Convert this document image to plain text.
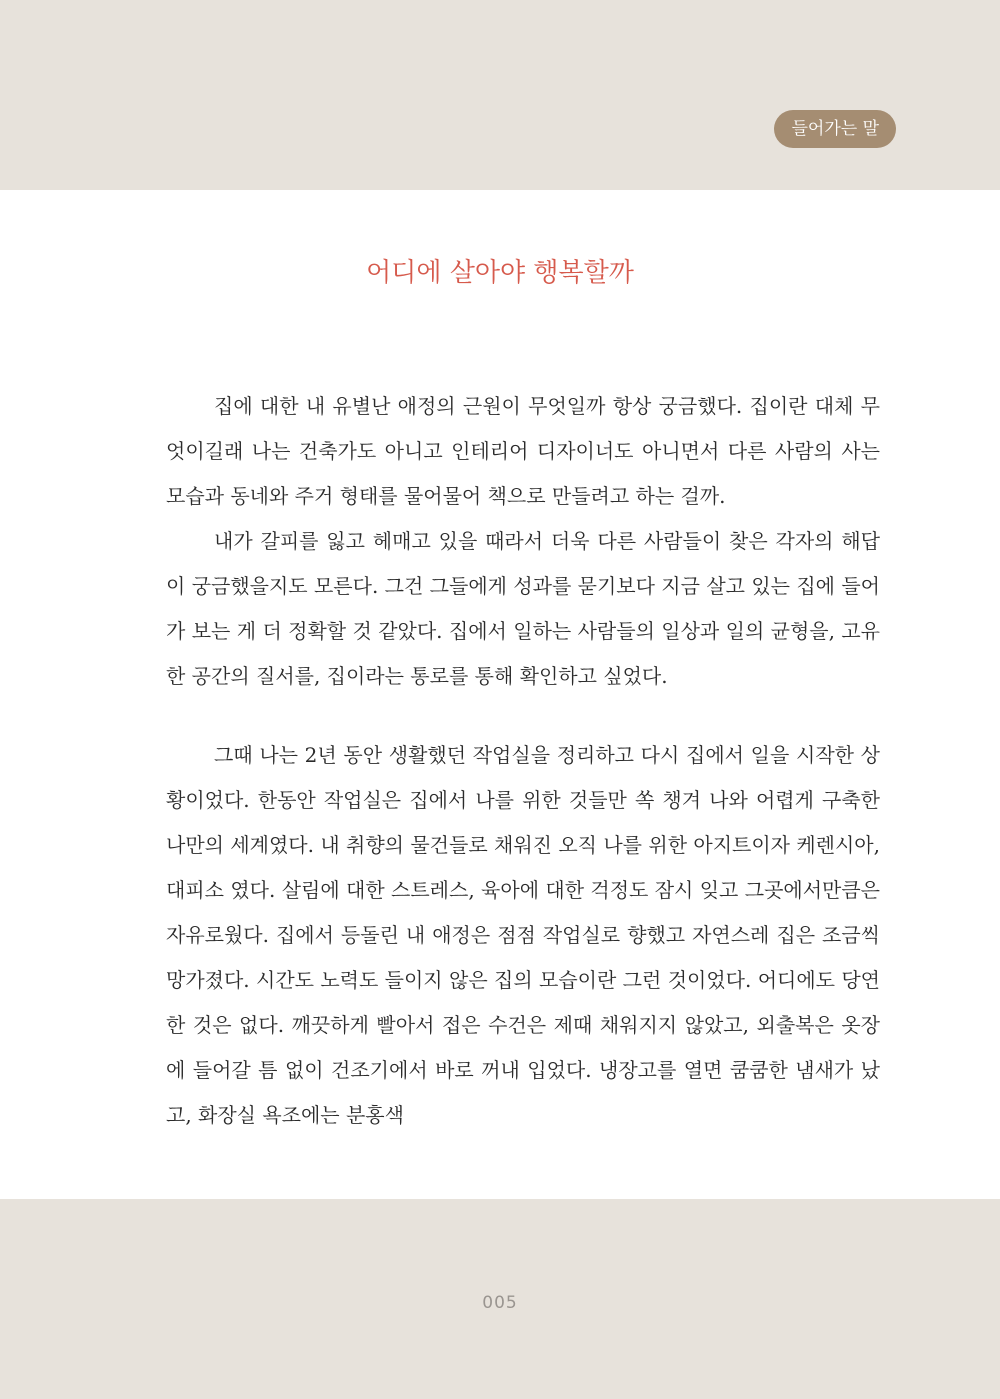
들어가는 말
어디에 살아야 행복할까

집에 대한 내 유별난 애정의 근원이 무엇일까 항상 궁금했다. 집이란 대체 무엇이길래 나는 건축가도 아니고 인테리어 디자이너도 아니면서 다른 사람의 사는 모습과 동네와 주거 형태를 물어물어 책으로 만들려고 하는 걸까.

내가 갈피를 잃고 헤매고 있을 때라서 더욱 다른 사람들이 찾은 각자의 해답이 궁금했을지도 모른다. 그건 그들에게 성과를 묻기보다 지금 살고 있는 집에 들어가 보는 게 더 정확할 것 같았다. 집에서 일하는 사람들의 일상과 일의 균형을, 고유한 공간의 질서를, 집이라는 통로를 통해 확인하고 싶었다.

그때 나는 2년 동안 생활했던 작업실을 정리하고 다시 집에서 일을 시작한 상황이었다. 한동안 작업실은 집에서 나를 위한 것들만 쏙 챙겨 나와 어렵게 구축한 나만의 세계였다. 내 취향의 물건들로 채워진 오직 나를 위한 아지트이자 케렌시아, 대피소 였다. 살림에 대한 스트레스, 육아에 대한 걱정도 잠시 잊고 그곳에서만큼은 자유로웠다. 집에서 등돌린 내 애정은 점점 작업실로 향했고 자연스레 집은 조금씩 망가졌다. 시간도 노력도 들이지 않은 집의 모습이란 그런 것이었다. 어디에도 당연한 것은 없다. 깨끗하게 빨아서 접은 수건은 제때 채워지지 않았고, 외출복은 옷장에 들어갈 틈 없이 건조기에서 바로 꺼내 입었다. 냉장고를 열면 쿰쿰한 냄새가 났고, 화장실 욕조에는 분홍색

005
